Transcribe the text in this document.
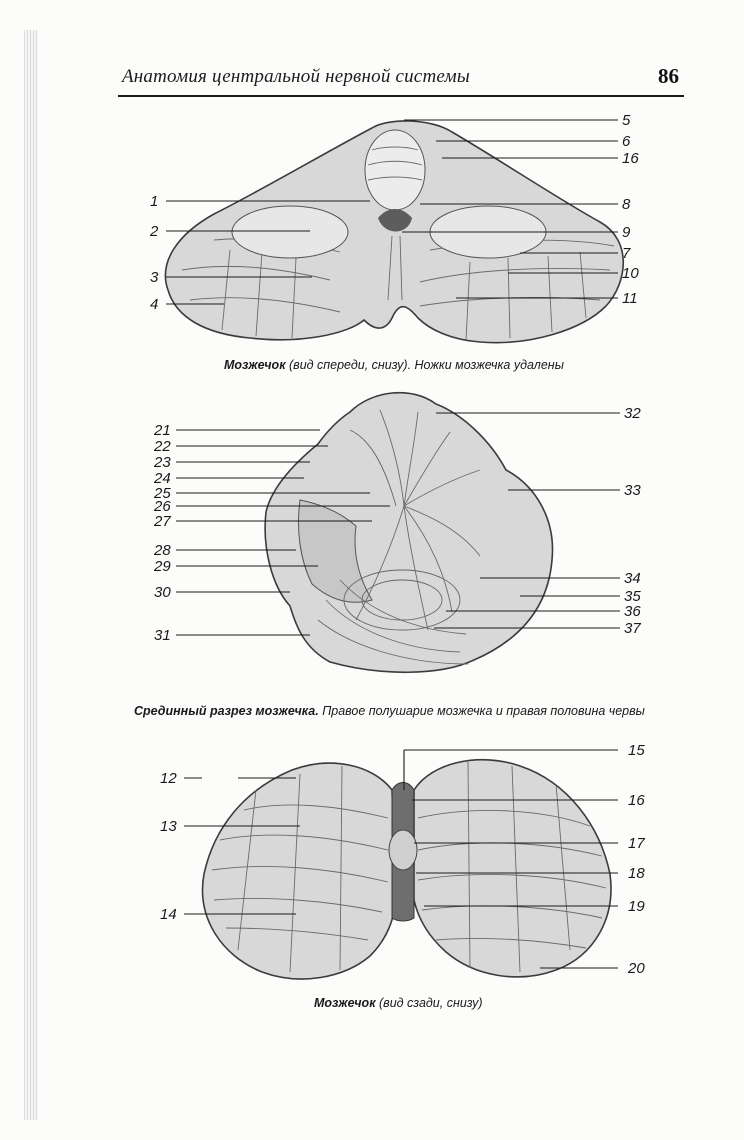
Анатомия центральной нервной системы	86
1
2
3
4
5
6
16
8
9
7
10
11
21
22
23
24
25
26
27
28
29
30
31
32
33
34
35
36
37
12
13
14
15
16
17
18
19
20
Мозжечок (вид спереди, снизу). Ножки мозжечка удалены
Срединный разрез мозжечка. Правое полушарие мозжечка и правая половина червы
Мозжечок (вид сзади, снизу)
